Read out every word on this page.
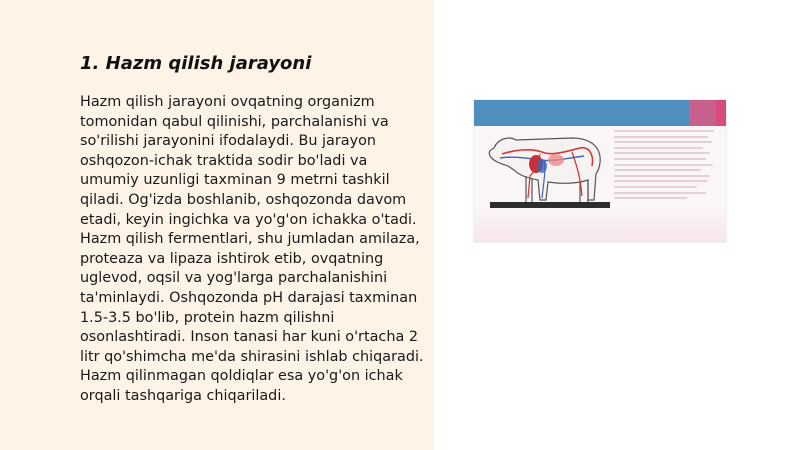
1. Hazm qilish jarayoni

Hazm qilish jarayoni ovqatning organizm tomonidan qabul qilinishi, parchalanishi va so'rilishi jarayonini ifodalaydi. Bu jarayon oshqozon-ichak traktida sodir bo'ladi va umumiy uzunligi taxminan 9 metrni tashkil qiladi. Og'izda boshlanib, oshqozonda davom etadi, keyin ingichka va yo'g'on ichakka o'tadi. Hazm qilish fermentlari, shu jumladan amilaza, proteaza va lipaza ishtirok etib, ovqatning uglevod, oqsil va yog'larga parchalanishini ta'minlaydi. Oshqozonda pH darajasi taxminan 1.5-3.5 bo'lib, protein hazm qilishni osonlashtiradi. Inson tanasi har kuni o'rtacha 2 litr qo'shimcha me'da shirasini ishlab chiqaradi. Hazm qilinmagan qoldiqlar esa yo'g'on ichak orqali tashqariga chiqariladi.
